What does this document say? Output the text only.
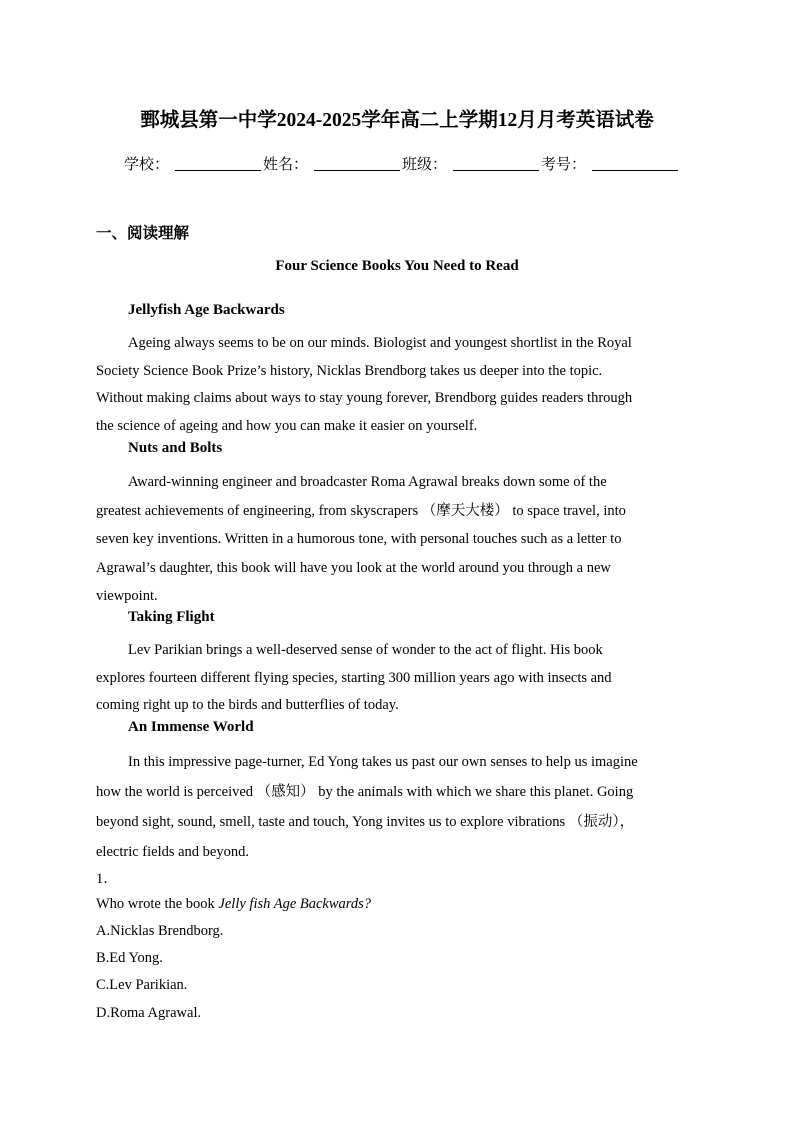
鄄城县第一中学2024-2025学年高二上学期12月月考英语试卷
学校：	姓名：	班级：	考号：
一、阅读理解
Four Science Books You Need to Read
Jellyfish Age Backwards
Ageing always seems to be on our minds. Biologist and youngest shortlist in the Royal
Society Science Book Prize’s history, Nicklas Brendborg takes us deeper into the topic.
Without making claims about ways to stay young forever, Brendborg guides readers through
the science of ageing and how you can make it easier on yourself.
Nuts and Bolts
Award-winning engineer and broadcaster Roma Agrawal breaks down some of the
greatest achievements of engineering, from skyscrapers （摩天大楼） to space travel, into
seven key inventions. Written in a humorous tone, with personal touches such as a letter to
Agrawal’s daughter, this book will have you look at the world around you through a new
viewpoint.
Taking Flight
Lev Parikian brings a well-deserved sense of wonder to the act of flight. His book
explores fourteen different flying species, starting 300 million years ago with insects and
coming right up to the birds and butterflies of today.
An Immense World
In this impressive page-turner, Ed Yong takes us past our own senses to help us imagine
how the world is perceived （感知） by the animals with which we share this planet. Going
beyond sight, sound, smell, taste and touch, Yong invites us to explore vibrations （振动），
electric fields and beyond.
1．
Who wrote the book Jelly fish Age Backwards?
A.Nicklas Brendborg.
B.Ed Yong.
C.Lev Parikian.
D.Roma Agrawal.
